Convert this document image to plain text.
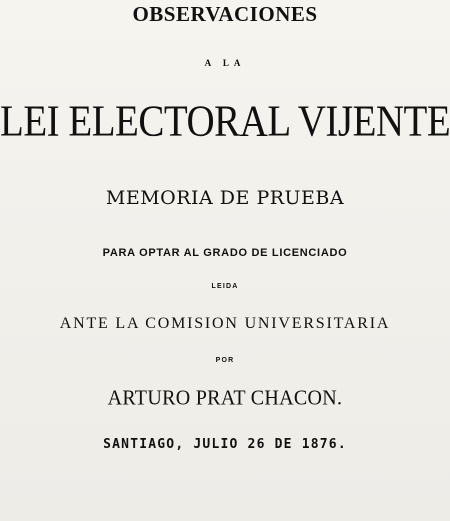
OBSERVACIONES

A LA

LEI ELECTORAL VIJENTE

MEMORIA DE PRUEBA

PARA OPTAR AL GRADO DE LICENCIADO

LEIDA

ANTE LA COMISION UNIVERSITARIA

POR

ARTURO PRAT CHACON.

SANTIAGO, JULIO 26 DE 1876.
